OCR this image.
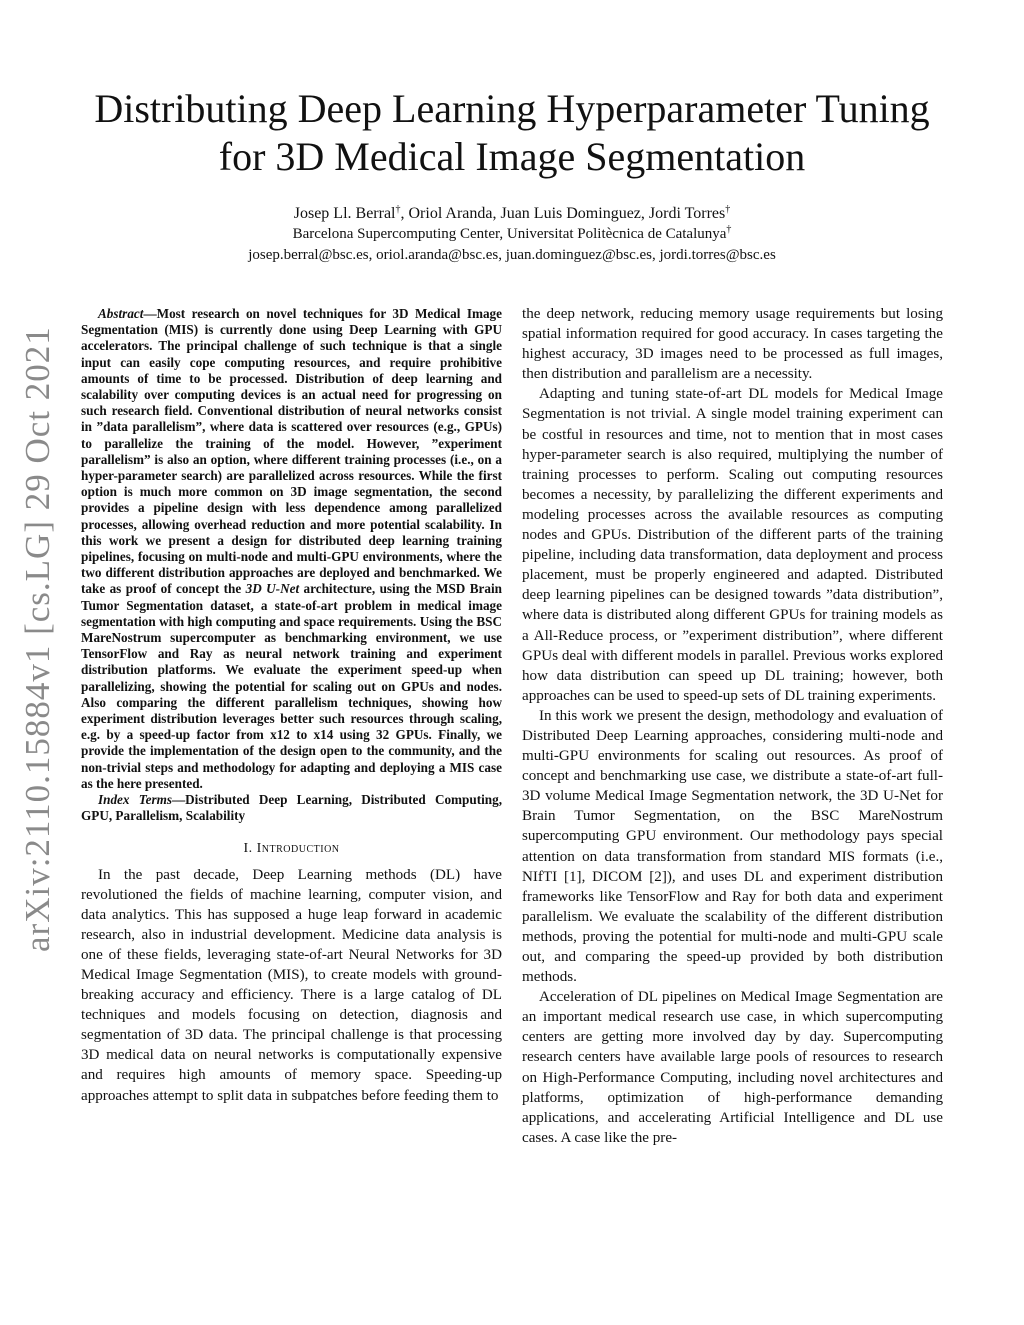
arXiv:2110.15884v1 [cs.LG] 29 Oct 2021
Distributing Deep Learning Hyperparameter Tuning
for 3D Medical Image Segmentation
Josep Ll. Berral†, Oriol Aranda, Juan Luis Dominguez, Jordi Torres†
Barcelona Supercomputing Center, Universitat Politècnica de Catalunya†
josep.berral@bsc.es, oriol.aranda@bsc.es, juan.dominguez@bsc.es, jordi.torres@bsc.es

Abstract—Most research on novel techniques for 3D Medical Image Segmentation (MIS) is currently done using Deep Learning with GPU accelerators. The principal challenge of such technique is that a single input can easily cope computing resources, and require prohibitive amounts of time to be processed. Distribution of deep learning and scalability over computing devices is an actual need for progressing on such research field. Conventional distribution of neural networks consist in ”data parallelism”, where data is scattered over resources (e.g., GPUs) to parallelize the training of the model. However, ”experiment parallelism” is also an option, where different training processes (i.e., on a hyper-parameter search) are parallelized across resources. While the first option is much more common on 3D image segmentation, the second provides a pipeline design with less dependence among parallelized processes, allowing overhead reduction and more potential scalability. In this work we present a design for distributed deep learning training pipelines, focusing on multi-node and multi-GPU environments, where the two different distribution approaches are deployed and benchmarked. We take as proof of concept the 3D U-Net architecture, using the MSD Brain Tumor Segmentation dataset, a state-of-art problem in medical image segmentation with high computing and space requirements. Using the BSC MareNostrum supercomputer as benchmarking environment, we use TensorFlow and Ray as neural network training and experiment distribution platforms. We evaluate the experiment speed-up when parallelizing, showing the potential for scaling out on GPUs and nodes. Also comparing the different parallelism techniques, showing how experiment distribution leverages better such resources through scaling, e.g. by a speed-up factor from x12 to x14 using 32 GPUs. Finally, we provide the implementation of the design open to the community, and the non-trivial steps and methodology for adapting and deploying a MIS case as the here presented.

Index Terms—Distributed Deep Learning, Distributed Computing, GPU, Parallelism, Scalability

I. Introduction

In the past decade, Deep Learning methods (DL) have revolutioned the fields of machine learning, computer vision, and data analytics. This has supposed a huge leap forward in academic research, also in industrial development. Medicine data analysis is one of these fields, leveraging state-of-art Neural Networks for 3D Medical Image Segmentation (MIS), to create models with ground-breaking accuracy and efficiency. There is a large catalog of DL techniques and models focusing on detection, diagnosis and segmentation of 3D data. The principal challenge is that processing 3D medical data on neural networks is computationally expensive and requires high amounts of memory space. Speeding-up approaches attempt to split data in subpatches before feeding them to

the deep network, reducing memory usage requirements but losing spatial information required for good accuracy. In cases targeting the highest accuracy, 3D images need to be processed as full images, then distribution and parallelism are a necessity.

Adapting and tuning state-of-art DL models for Medical Image Segmentation is not trivial. A single model training experiment can be costful in resources and time, not to mention that in most cases hyper-parameter search is also required, multiplying the number of training processes to perform. Scaling out computing resources becomes a necessity, by parallelizing the different experiments and modeling processes across the available resources as computing nodes and GPUs. Distribution of the different parts of the training pipeline, including data transformation, data deployment and process placement, must be properly engineered and adapted. Distributed deep learning pipelines can be designed towards ”data distribution”, where data is distributed along different GPUs for training models as a All-Reduce process, or ”experiment distribution”, where different GPUs deal with different models in parallel. Previous works explored how data distribution can speed up DL training; however, both approaches can be used to speed-up sets of DL training experiments.

In this work we present the design, methodology and evaluation of Distributed Deep Learning approaches, considering multi-node and multi-GPU environments for scaling out resources. As proof of concept and benchmarking use case, we distribute a state-of-art full-3D volume Medical Image Segmentation network, the 3D U-Net for Brain Tumor Segmentation, on the BSC MareNostrum supercomputing GPU environment. Our methodology pays special attention on data transformation from standard MIS formats (i.e., NIfTI [1], DICOM [2]), and uses DL and experiment distribution frameworks like TensorFlow and Ray for both data and experiment parallelism. We evaluate the scalability of the different distribution methods, proving the potential for multi-node and multi-GPU scale out, and comparing the speed-up provided by both distribution methods.

Acceleration of DL pipelines on Medical Image Segmentation are an important medical research use case, in which supercomputing centers are getting more involved day by day. Supercomputing research centers have available large pools of resources to research on High-Performance Computing, including novel architectures and platforms, optimization of high-performance demanding applications, and accelerating Artificial Intelligence and DL use cases. A case like the pre-
